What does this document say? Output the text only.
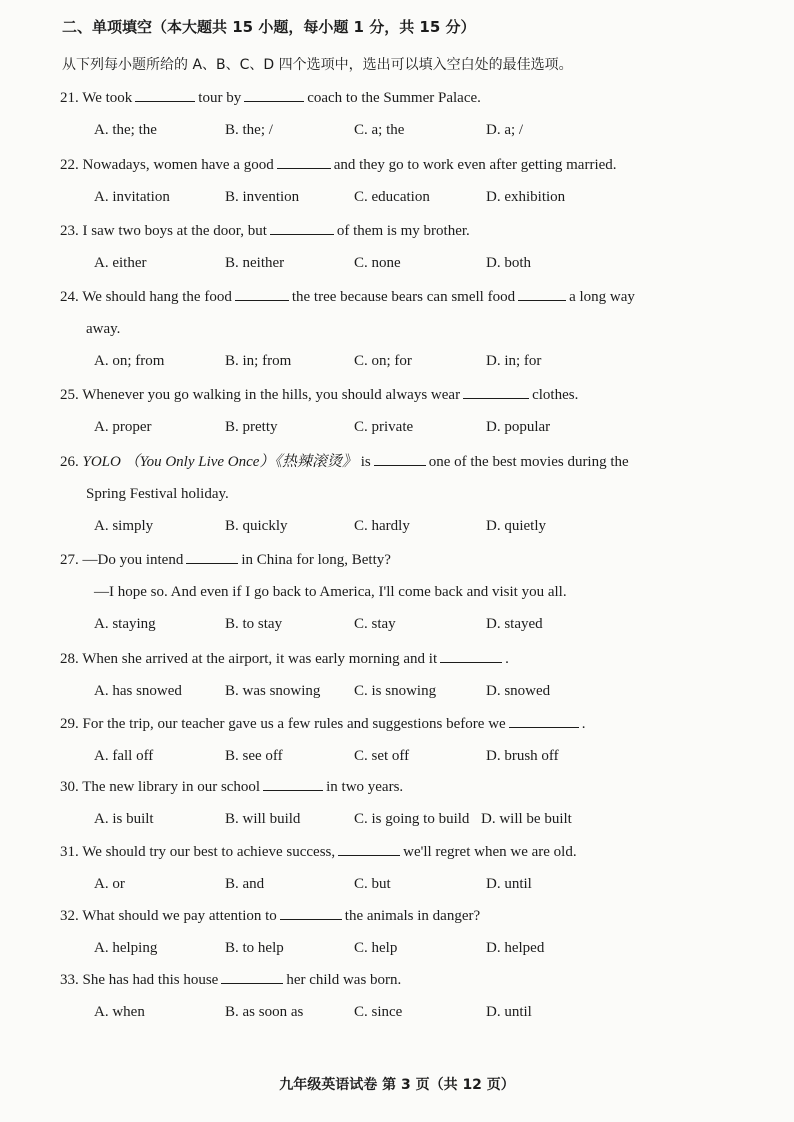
二、单项填空（本大题共 15 小题，每小题 1 分，共 15 分）
从下列每小题所给的 A、B、C、D 四个选项中，选出可以填入空白处的最佳选项。
21. We took	tour by	coach to the Summer Palace.
A. the; the	B. the; /	C. a; the	D. a; /
22. Nowadays, women have a good	and they go to work even after getting married.
A. invitation	B. invention	C. education	D. exhibition
23. I saw two boys at the door, but	of them is my brother.
A. either	B. neither	C. none	D. both
24. We should hang the food	the tree because bears can smell food	a long way
away.
A. on; from	B. in; from	C. on; for	D. in; for
25. Whenever you go walking in the hills, you should always wear	clothes.
A. proper	B. pretty	C. private	D. popular
26. YOLO （You Only Live Once）《热辣滚烫》 is	one of the best movies during the
Spring Festival holiday.
A. simply	B. quickly	C. hardly	D. quietly
27. —Do you intend	in China for long, Betty?
—I hope so. And even if I go back to America, I'll come back and visit you all.
A. staying	B. to stay	C. stay	D. stayed
28. When she arrived at the airport, it was early morning and it	.
A. has snowed	B. was snowing C. is snowing	D. snowed
29. For the trip, our teacher gave us a few rules and suggestions before we	.
A. fall off	B. see off	C. set off	D. brush off
30. The new library in our school	in two years.
A. is built	B. will build	C. is going to build D. will be built
31. We should try our best to achieve success,	we'll regret when we are old.
A. or	B. and	C. but	D. until
32. What should we pay attention to	the animals in danger?
A. helping	B. to help	C. help	D. helped
33. She has had this house	her child was born.
A. when	B. as soon as	C. since	D. until
九年级英语试卷 第 3 页（共 12 页）
